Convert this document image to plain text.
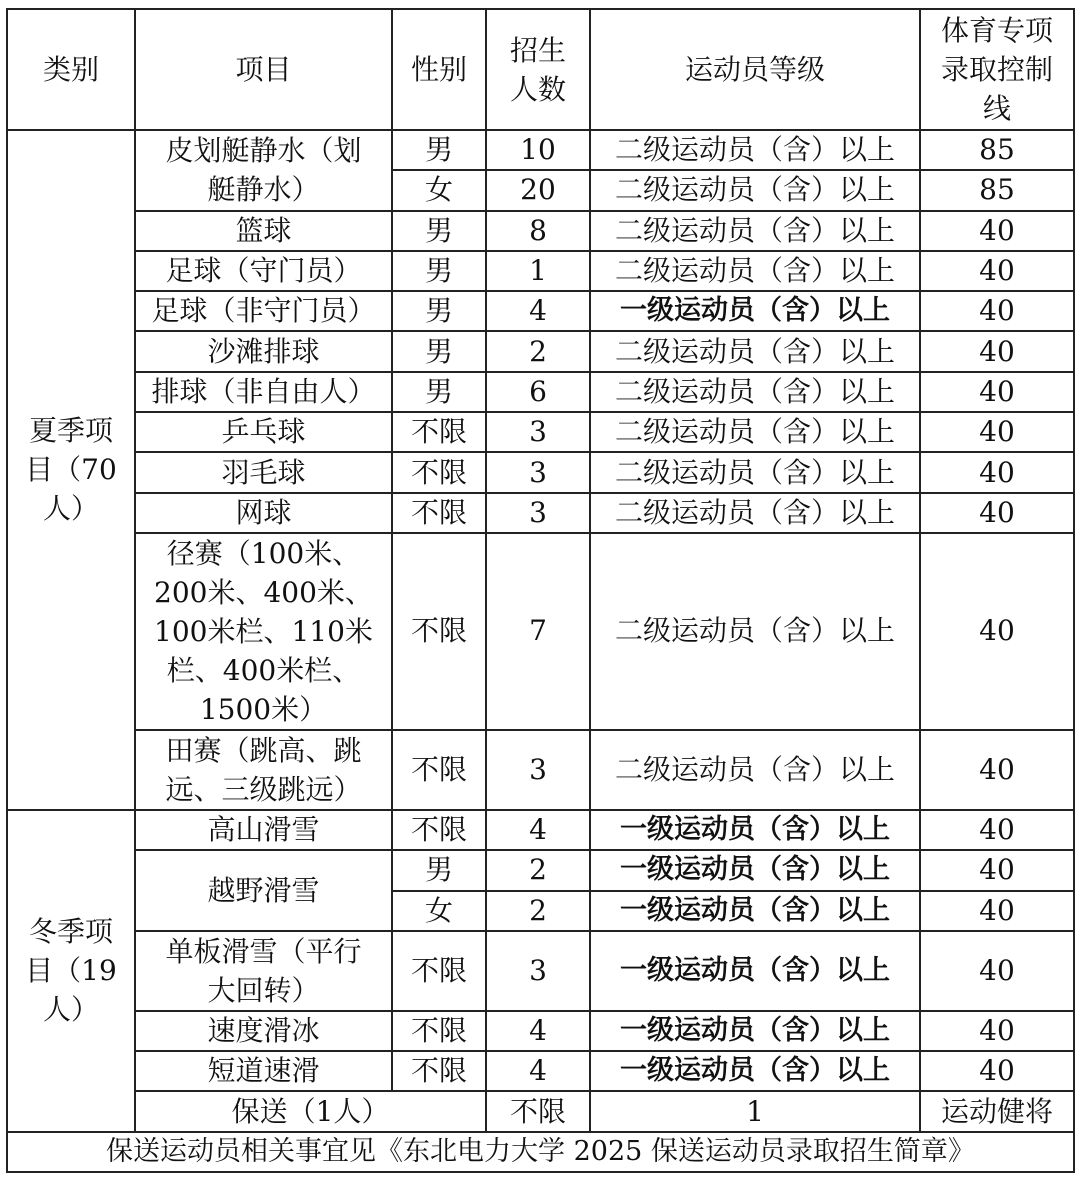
类别	项目	性别	招生人数	运动员等级	体育专项录取控制线	
夏季项目（70人）	皮划艇静水（划艇静水）	男	10	二级运动员（含）以上	85	
		女	20	二级运动员（含）以上	85	
	篮球	男	8	二级运动员（含）以上	40	
	足球（守门员）	男	1	二级运动员（含）以上	40	
	足球（非守门员）	男	4	一级运动员（含）以上	40	
	沙滩排球	男	2	二级运动员（含）以上	40	
	排球（非自由人）	男	6	二级运动员（含）以上	40	
	乒乓球	不限	3	二级运动员（含）以上	40	
	羽毛球	不限	3	二级运动员（含）以上	40	
	网球	不限	3	二级运动员（含）以上	40	
	径赛（100米、200米、400米、100米栏、110米栏、400米栏、1500米）	不限	7	二级运动员（含）以上	40	
	田赛（跳高、跳远、三级跳远）	不限	3	二级运动员（含）以上	40	
冬季项目（19人）	高山滑雪	不限	4	一级运动员（含）以上	40	
	越野滑雪	男	2	一级运动员（含）以上	40	
		女	2	一级运动员（含）以上	40	
	单板滑雪（平行大回转）	不限	3	一级运动员（含）以上	40	
	速度滑冰	不限	4	一级运动员（含）以上	40	
	短道速滑	不限	4	一级运动员（含）以上	40	
	保送（1人）		不限	1	运动健将	
保送运动员相关事宜见《东北电力大学 2025 保送运动员录取招生简章》						
